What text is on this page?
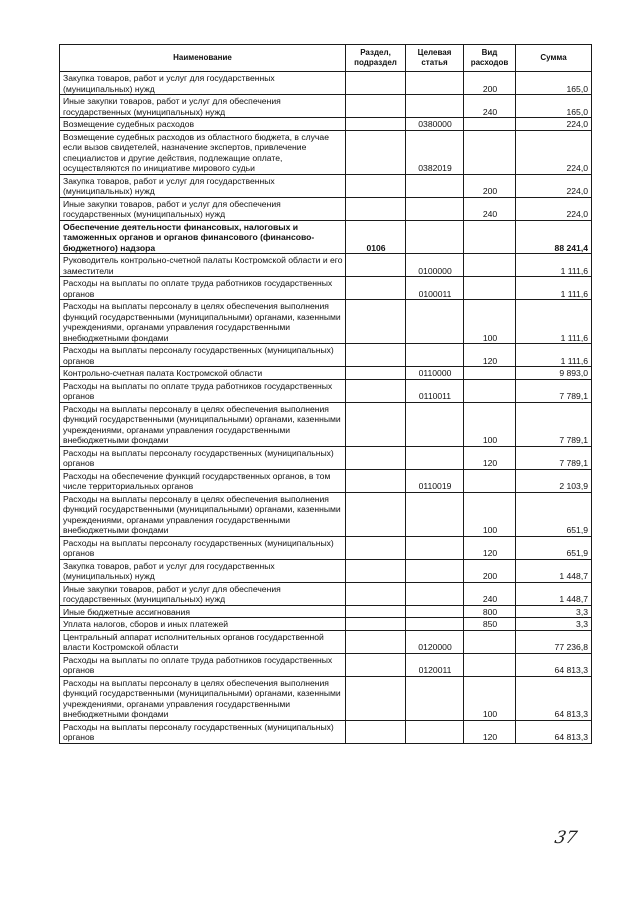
Наименование	Раздел, подраздел	Целевая статья	Вид расходов	Сумма
Закупка товаров, работ и услуг для государственных (муниципальных) нужд			200	165,0
Иные закупки товаров, работ и услуг для обеспечения государственных (муниципальных) нужд			240	165,0
Возмещение судебных расходов		0380000		224,0
Возмещение судебных расходов из областного бюджета, в случае если вызов свидетелей, назначение экспертов, привлечение специалистов и другие действия, подлежащие оплате, осуществляются по инициативе мирового судьи		0382019		224,0
Закупка товаров, работ и услуг для государственных (муниципальных) нужд			200	224,0
Иные закупки товаров, работ и услуг для обеспечения государственных (муниципальных) нужд			240	224,0
Обеспечение деятельности финансовых, налоговых и таможенных органов и органов финансового (финансово-бюджетного) надзора	0106			88 241,4
Руководитель контрольно-счетной палаты Костромской области и его заместители		0100000		1 111,6
Расходы на выплаты по оплате труда работников государственных органов		0100011		1 111,6
Расходы на выплаты персоналу в целях обеспечения выполнения функций государственными (муниципальными) органами, казенными учреждениями, органами управления государственными внебюджетными фондами			100	1 111,6
Расходы на выплаты персоналу государственных (муниципальных) органов			120	1 111,6
Контрольно-счетная палата Костромской области		0110000		9 893,0
Расходы на выплаты по оплате труда работников государственных органов		0110011		7 789,1
Расходы на выплаты персоналу в целях обеспечения выполнения функций государственными (муниципальными) органами, казенными учреждениями, органами управления государственными внебюджетными фондами			100	7 789,1
Расходы на выплаты персоналу государственных (муниципальных) органов			120	7 789,1
Расходы на обеспечение функций государственных органов, в том числе территориальных органов		0110019		2 103,9
Расходы на выплаты персоналу в целях обеспечения выполнения функций государственными (муниципальными) органами, казенными учреждениями, органами управления государственными внебюджетными фондами			100	651,9
Расходы на выплаты персоналу государственных (муниципальных) органов			120	651,9
Закупка товаров, работ и услуг для государственных (муниципальных) нужд			200	1 448,7
Иные закупки товаров, работ и услуг для обеспечения государственных (муниципальных) нужд			240	1 448,7
Иные бюджетные ассигнования			800	3,3
Уплата налогов, сборов и иных платежей			850	3,3
Центральный аппарат исполнительных органов государственной власти Костромской области		0120000		77 236,8
Расходы на выплаты по оплате труда работников государственных органов		0120011		64 813,3
Расходы на выплаты персоналу в целях обеспечения выполнения функций государственными (муниципальными) органами, казенными учреждениями, органами управления государственными внебюджетными фондами			100	64 813,3
Расходы на выплаты персоналу государственных (муниципальных) органов			120	64 813,3
37
